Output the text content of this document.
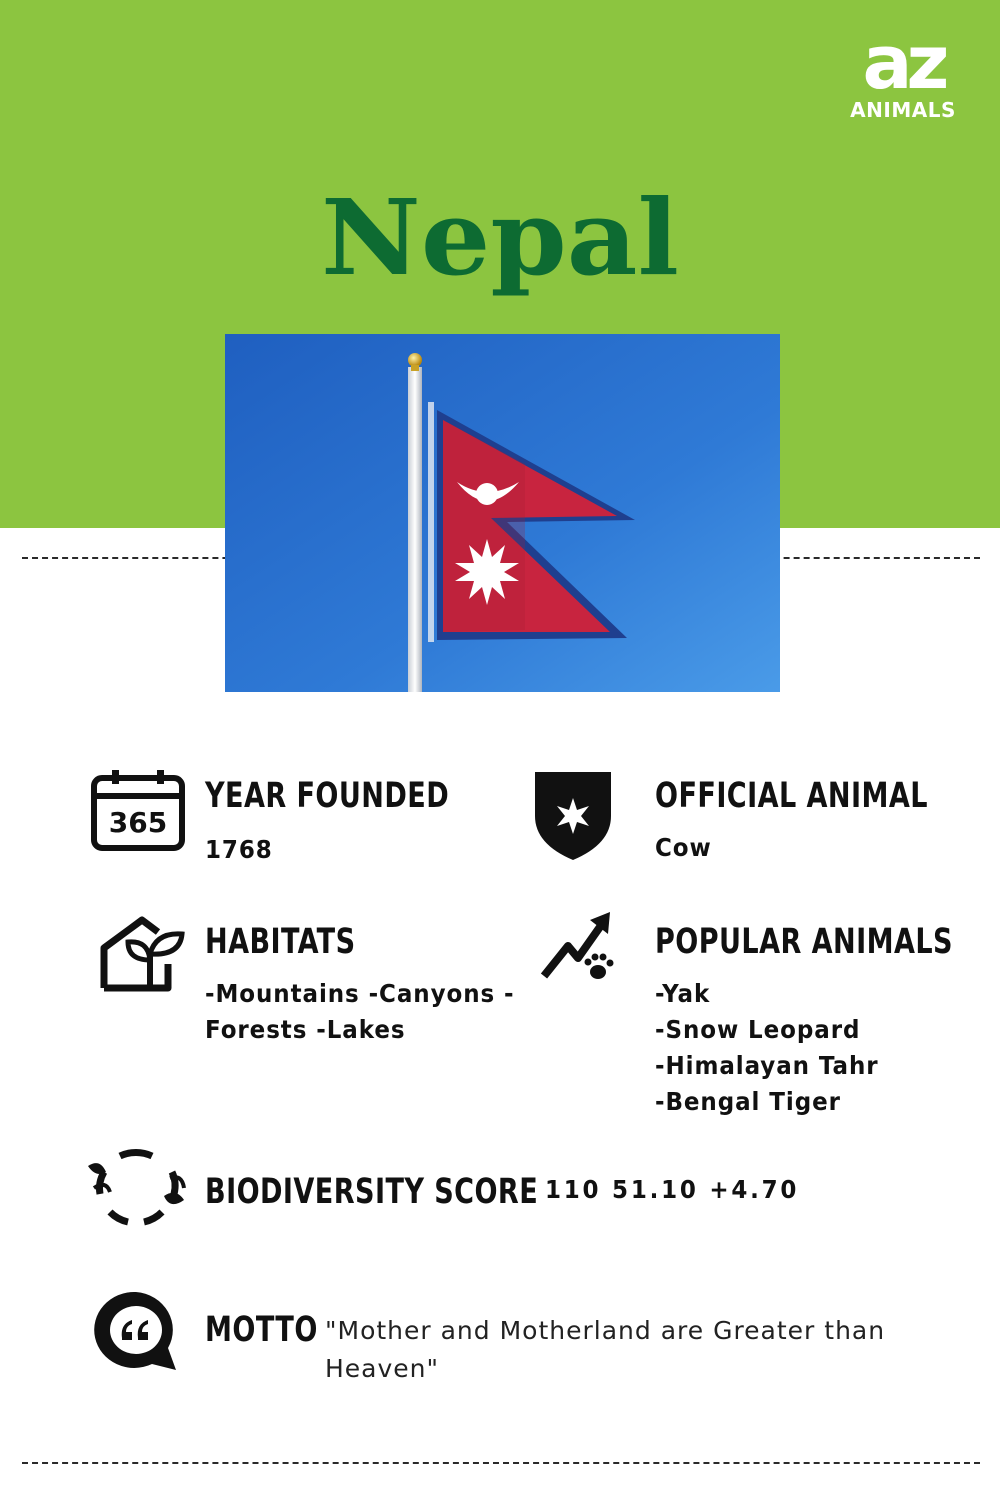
az
ANIMALS
Nepal
365
YEAR FOUNDED
1768
OFFICIAL ANIMAL
Cow
HABITATS
-Mountains -Canyons -
Forests -Lakes
POPULAR ANIMALS
-Yak
-Snow Leopard
-Himalayan Tahr
-Bengal Tiger
BIODIVERSITY SCORE 110 51.10 +4.70
MOTTO "Mother and Motherland are Greater than
Heaven"
